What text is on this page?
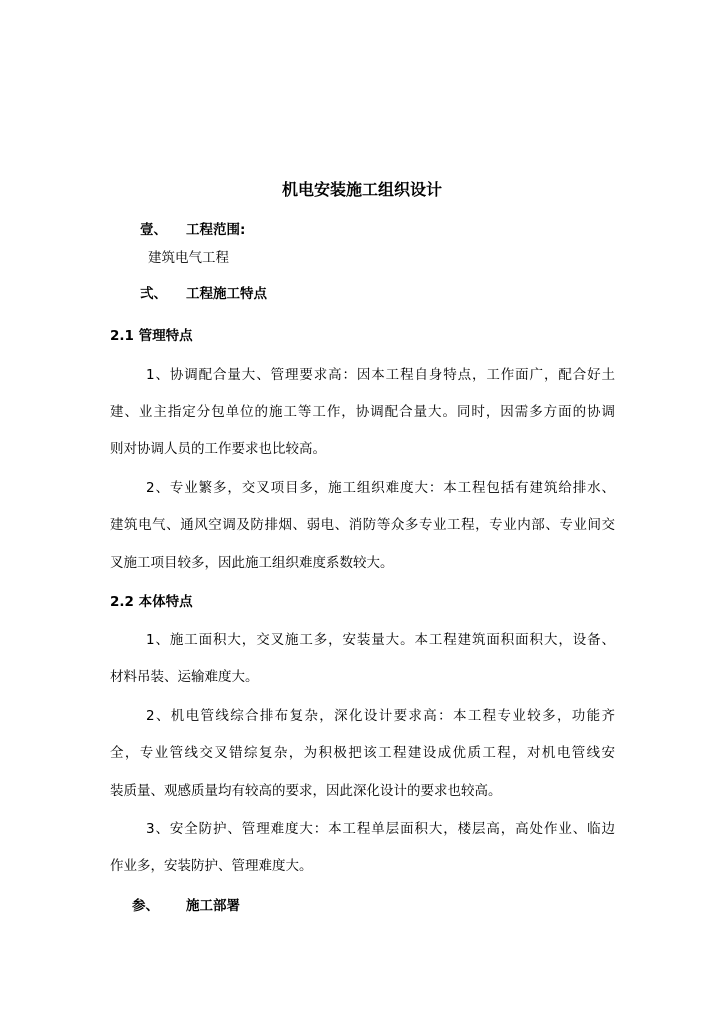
机电安装施工组织设计
壹、 工程范围:
建筑电气工程
弍、 工程施工特点
2.1 管理特点
1、协调配合量大、管理要求高：因本工程自身特点，工作面广，配合好土
建、业主指定分包单位的施工等工作，协调配合量大。同时，因需多方面的协调
则对协调人员的工作要求也比较高。
2、专业繁多，交叉项目多，施工组织难度大：本工程包括有建筑给排水、
建筑电气、通风空调及防排烟、弱电、消防等众多专业工程，专业内部、专业间交
叉施工项目较多，因此施工组织难度系数较大。
2.2 本体特点
1、施工面积大，交叉施工多，安装量大。本工程建筑面积面积大，设备、
材料吊装、运输难度大。
2、机电管线综合排布复杂，深化设计要求高：本工程专业较多，功能齐
全，专业管线交叉错综复杂，为积极把该工程建设成优质工程，对机电管线安
装质量、观感质量均有较高的要求，因此深化设计的要求也较高。
3、安全防护、管理难度大：本工程单层面积大，楼层高，高处作业、临边
作业多，安装防护、管理难度大。
参、 施工部署
